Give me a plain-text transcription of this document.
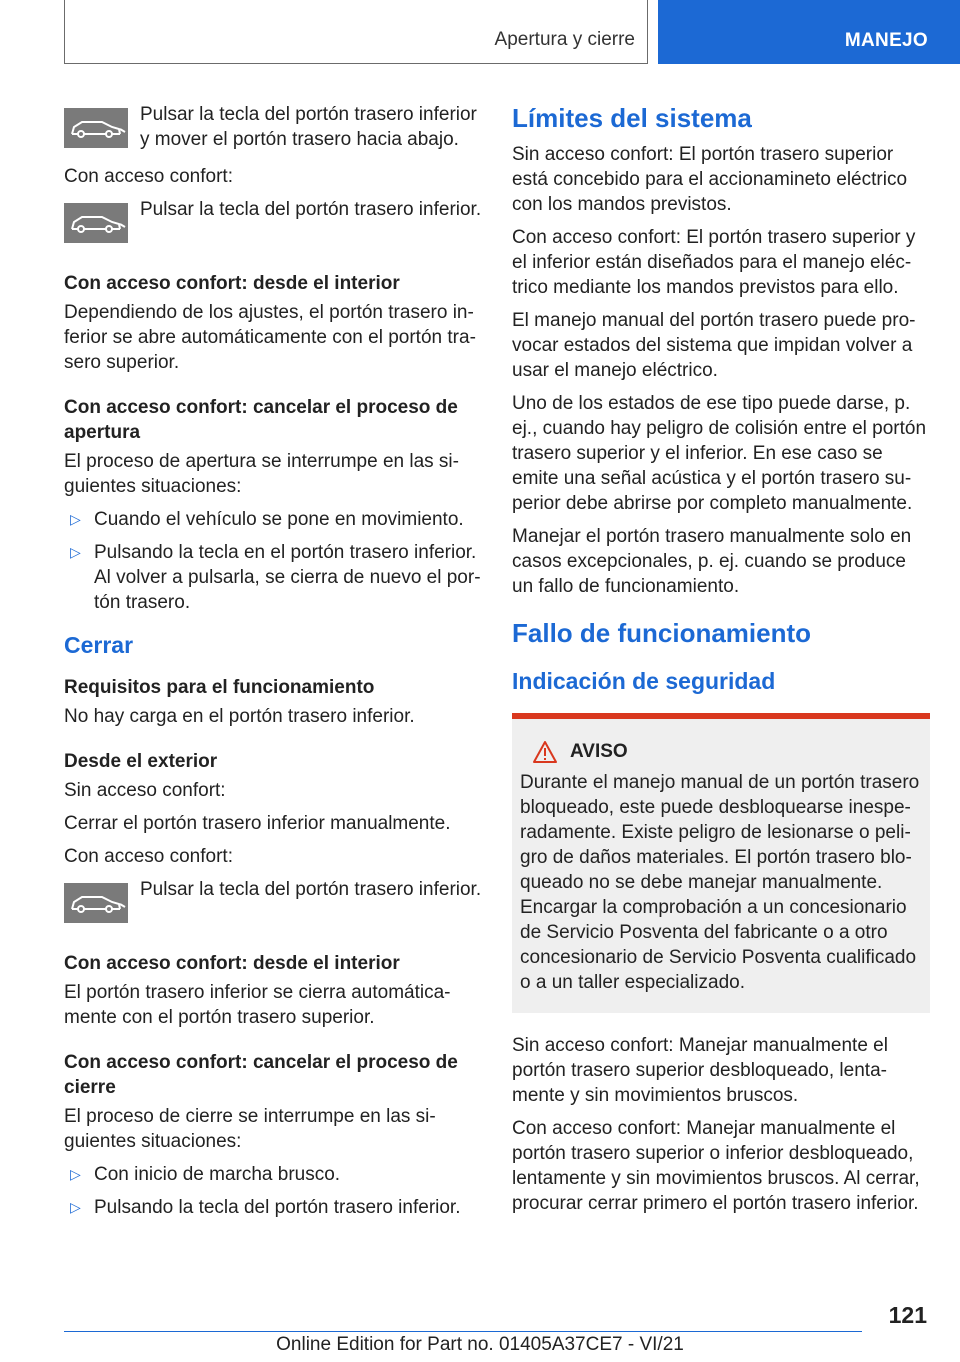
Apertura y cierre	MANEJO
Pulsar la tecla del portón trasero inferior y mover el portón trasero hacia abajo.

Con acceso confort:

Pulsar la tecla del portón trasero inferior.
Con acceso confort: desde el interior

Dependiendo de los ajustes, el portón trasero inferior se abre automáticamente con el portón trasero superior.

Con acceso confort: cancelar el proceso de apertura

El proceso de apertura se interrumpe en las siguientes situaciones:

▷ Cuando el vehículo se pone en movimiento.
▷ Pulsando la tecla en el portón trasero inferior. Al volver a pulsarla, se cierra de nuevo el portón trasero.
Cerrar
Requisitos para el funcionamiento

No hay carga en el portón trasero inferior.

Desde el exterior

Sin acceso confort:

Cerrar el portón trasero inferior manualmente.

Con acceso confort:

Pulsar la tecla del portón trasero inferior.
Con acceso confort: desde el interior

El portón trasero inferior se cierra automáticamente con el portón trasero superior.

Con acceso confort: cancelar el proceso de cierre

El proceso de cierre se interrumpe en las siguientes situaciones:

▷ Con inicio de marcha brusco.
▷ Pulsando la tecla del portón trasero inferior.
Límites del sistema

Sin acceso confort: El portón trasero superior está concebido para el accionamineto eléctrico con los mandos previstos.

Con acceso confort: El portón trasero superior y el inferior están diseñados para el manejo eléctrico mediante los mandos previstos para ello.

El manejo manual del portón trasero puede provocar estados del sistema que impidan volver a usar el manejo eléctrico.

Uno de los estados de ese tipo puede darse, p. ej., cuando hay peligro de colisión entre el portón trasero superior y el inferior. En ese caso se emite una señal acústica y el portón trasero superior debe abrirse por completo manualmente.

Manejar el portón trasero manualmente solo en casos excepcionales, p. ej. cuando se produce un fallo de funcionamiento.

Fallo de funcionamiento
Indicación de seguridad
AVISO
Durante el manejo manual de un portón trasero bloqueado, este puede desbloquearse inesperadamente. Existe peligro de lesionarse o peligro de daños materiales. El portón trasero bloqueado no se debe manejar manualmente. Encargar la comprobación a un concesionario de Servicio Posventa del fabricante o a otro concesionario de Servicio Posventa cualificado o a un taller especializado.

Sin acceso confort: Manejar manualmente el portón trasero superior desbloqueado, lentamente y sin movimientos bruscos.

Con acceso confort: Manejar manualmente el portón trasero superior o inferior desbloqueado, lentamente y sin movimientos bruscos. Al cerrar, procurar cerrar primero el portón trasero inferior.

121
Online Edition for Part no. 01405A37CE7 - VI/21
